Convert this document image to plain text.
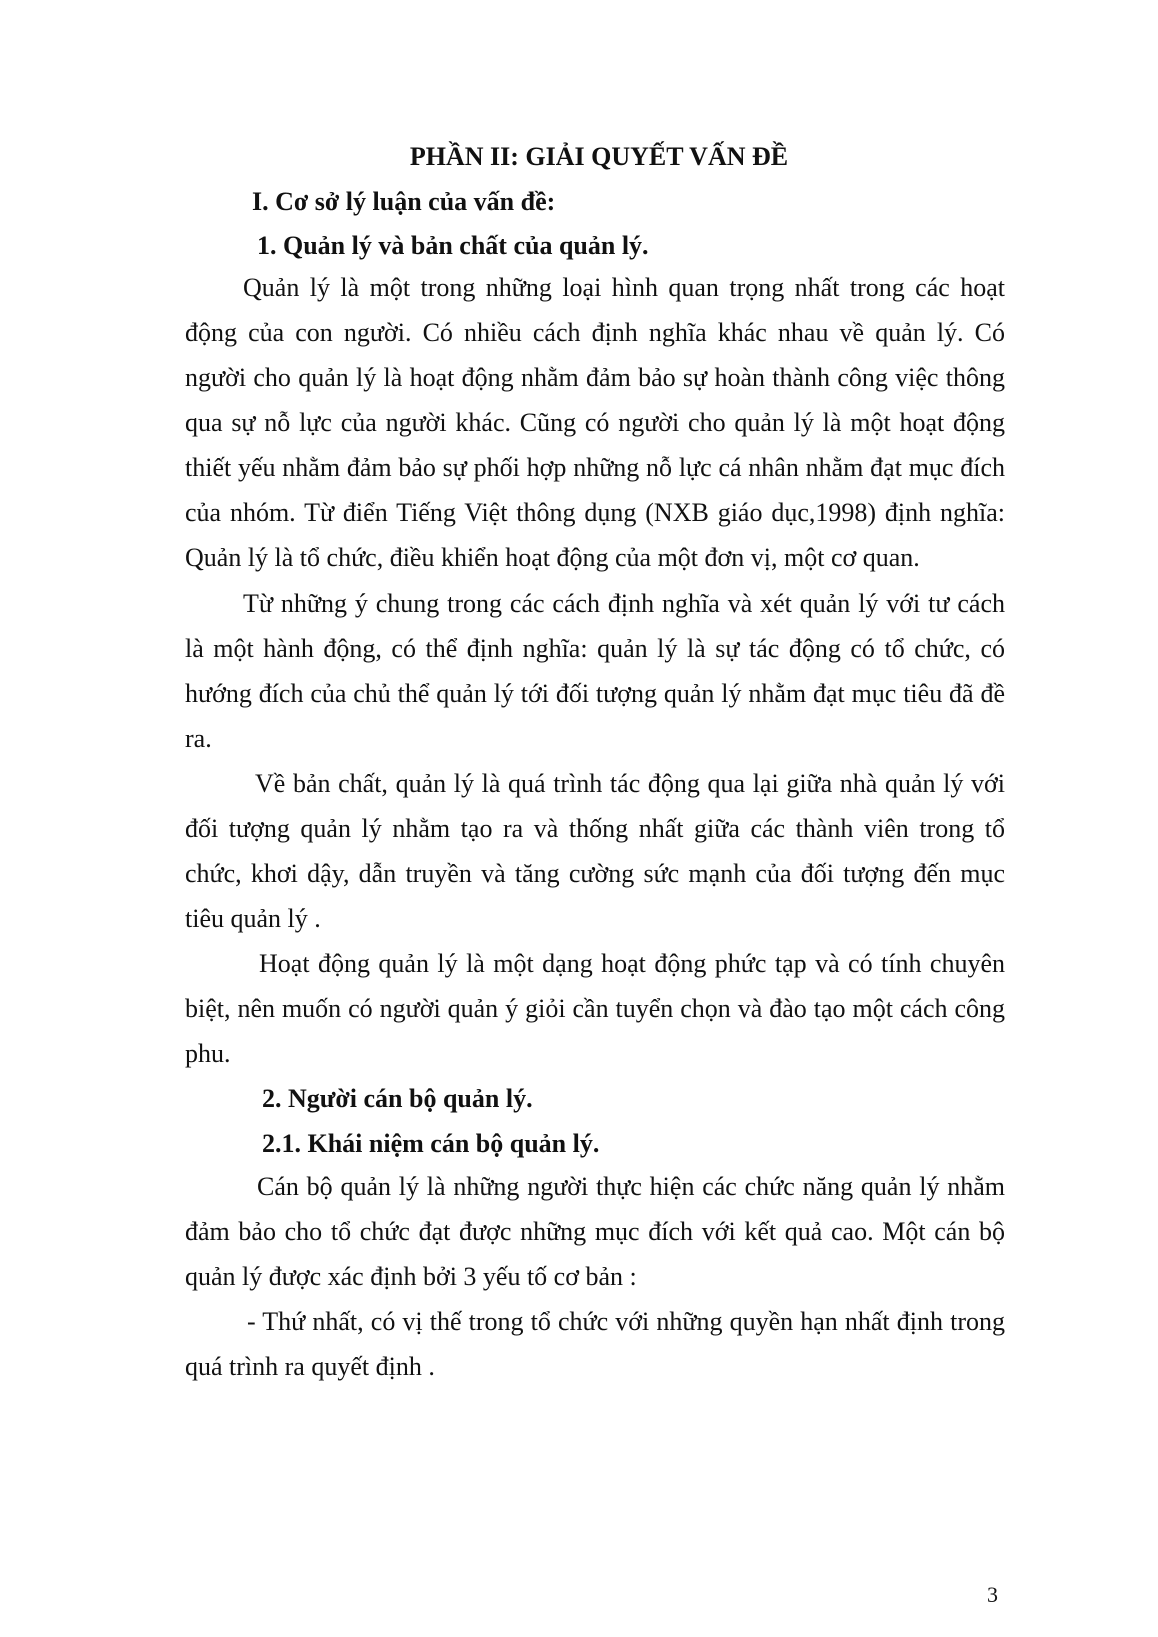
PHẦN II: GIẢI QUYẾT VẤN ĐỀ
I. Cơ sở lý luận của vấn đề:
1. Quản lý và bản chất của quản lý.

Quản lý là một trong những loại hình quan trọng nhất trong các hoạt động của con người. Có nhiều cách định nghĩa khác nhau về quản lý. Có người cho quản lý là hoạt động nhằm đảm bảo sự hoàn thành công việc thông qua sự nỗ lực của người khác. Cũng có người cho quản lý là một hoạt động thiết yếu nhằm đảm bảo sự phối hợp những nỗ lực cá nhân nhằm đạt mục đích của nhóm. Từ điển Tiếng Việt thông dụng (NXB giáo dục,1998) định nghĩa: Quản lý là tổ chức, điều khiển hoạt động của một đơn vị, một cơ quan.

Từ những ý chung trong các cách định nghĩa và xét quản lý với tư cách là một hành động, có thể định nghĩa: quản lý là sự tác động có tổ chức, có hướng đích của chủ thể quản lý tới đối tượng quản lý nhằm đạt mục tiêu đã đề ra.

Về bản chất, quản lý là quá trình tác động qua lại giữa nhà quản lý với đối tượng quản lý nhằm tạo ra và thống nhất giữa các thành viên trong tổ chức, khơi dậy, dẫn truyền và tăng cường sức mạnh của đối tượng đến mục tiêu quản lý .

Hoạt động quản lý là một dạng hoạt động phức tạp và có tính chuyên biệt, nên muốn có người quản ý giỏi cần tuyển chọn và đào tạo một cách công phu.

2. Người cán bộ quản lý.
2.1. Khái niệm cán bộ quản lý.

Cán bộ quản lý là những người thực hiện các chức năng quản lý nhằm đảm bảo cho tổ chức đạt được những mục đích với kết quả cao. Một cán bộ quản lý được xác định bởi 3 yếu tố cơ bản :

- Thứ nhất, có vị thế trong tổ chức với những quyền hạn nhất định trong quá trình ra quyết định .

3
